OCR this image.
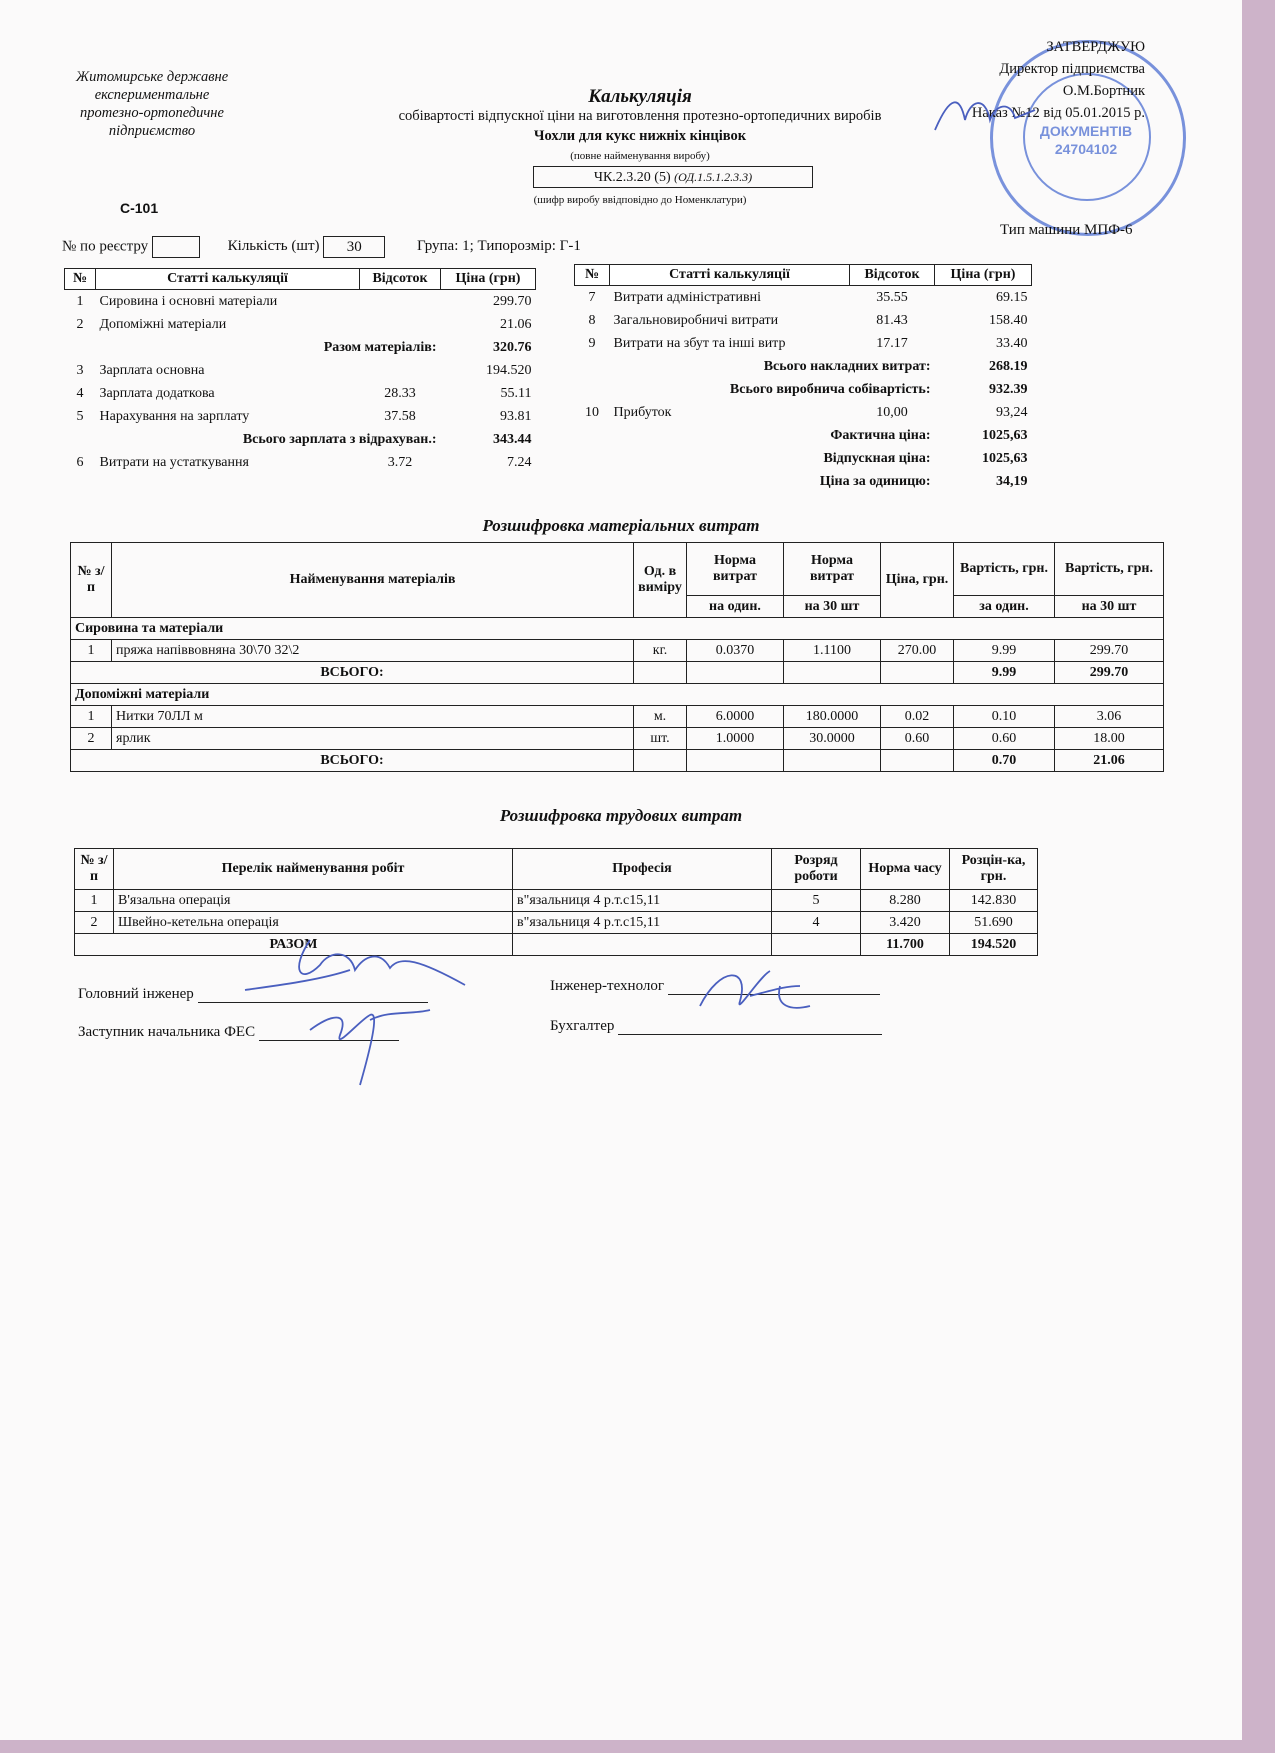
Житомирське державне
експериментальне
протезно-ортопедичне
підприємство	ДОКУМЕНТІВ
24704102
ЗАТВЕРДЖУЮ
Директор підприємства
О.М.Бортник
Наказ №12 від 05.01.2015 р.
Калькуляція
собівартості відпускної ціни на виготовлення протезно-ортопедичних виробів
Чохли для кукс нижніх кінцівок
(повне найменування виробу)
ЧК.2.3.20 (5) (ОД.1.5.1.2.3.3)
(шифр виробу ввідповідно до Номенклатури)
С-101
№ по реєстру	Кількість (шт) 30	Група: 1; Типорозмір: Г-1
Тип машини МПФ-6
№	Статті калькуляції	Відсоток	Ціна (грн)
1	Сировина і основні матеріали		299.70
2	Допоміжні матеріали		21.06
	Разом матеріалів:		320.76
3	Зарплата основна		194.520
4	Зарплата додаткова	28.33	55.11
5	Нарахування на зарплату	37.58	93.81
	Всього зарплата з відрахуван.:		343.44
6	Витрати на устаткування	3.72	7.24
№	Статті калькуляції	Відсоток	Ціна (грн)
7	Витрати адміністративні	35.55	69.15
8	Загальновиробничі витрати	81.43	158.40
9	Витрати на збут та інші витр	17.17	33.40
	Всього накладних витрат:		268.19
	Всього виробнича собівартість:		932.39
10	Прибуток	10,00	93,24
	Фактична ціна:		1025,63
	Відпускная ціна:		1025,63
	Ціна за одиницю:		34,19
Розшифровка матеріальних витрат
№ з/п	Найменування матеріалів	Од. в виміру	Норма витрат	Норма витрат	Ціна, грн.	Вартість, грн.	Вартість, грн.
			на один.	на 30 шт		за один.	на 30 шт
Сировина та матеріали							
1	пряжа напіввовняна 30\70 32\2	кг.	0.0370	1.1100	270.00	9.99	299.70
ВСЬОГО:						9.99	299.70
Допоміжні матеріали							
1	Нитки 70ЛЛ м	м.	6.0000	180.0000	0.02	0.10	3.06
2	ярлик	шт.	1.0000	30.0000	0.60	0.60	18.00
ВСЬОГО:						0.70	21.06
Розшифровка трудових витрат
№ з/п	Перелік найменування робіт	Професія	Розряд роботи	Норма часу	Розцін-ка, грн.
1	В'язальна операція	в"язальниця 4 р.т.с15,11	5	8.280	142.830
2	Швейно-кетельна операція	в"язальниця 4 р.т.с15,11	4	3.420	51.690
РАЗОМ				11.700	194.520
Головний інженер
Заступник начальника ФЕС
Інженер-технолог
Бухгалтер
